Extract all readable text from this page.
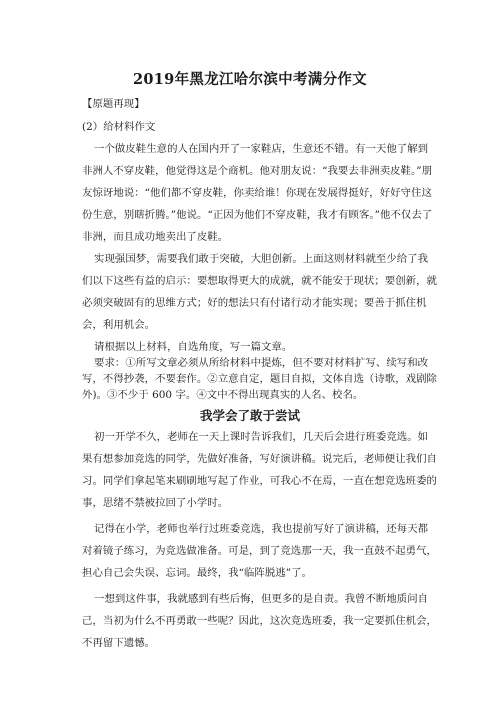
2019年黑龙江哈尔滨中考满分作文
【原题再现】
(2）给材料作文
一个做皮鞋生意的人在国内开了一家鞋店，生意还不错。有一天他了解到
非洲人不穿皮鞋，他觉得这是个商机。他对朋友说：“我要去非洲卖皮鞋。”朋
友惊讶地说：“他们都不穿皮鞋，你卖给谁！你现在发展得挺好，好好守住这
份生意，别瞎折腾。”他说。“正因为他们不穿皮鞋，我才有顾客。”他不仅去了
非洲，而且成功地卖出了皮鞋。
实现强国梦，需要我们敢于突破，大胆创新。上面这则材料就至少给了我
们以下这些有益的启示：要想取得更大的成就，就不能安于现状；要创新，就
必须突破固有的思维方式；好的想法只有付诸行动才能实现；要善于抓住机
会，利用机会。
请根据以上材料，自选角度，写一篇文章。
要求：①所写文章必须从所给材料中提炼，但不要对材料扩写、续写和改
写，不得抄袭，不要套作。②立意自定，题目自拟，文体自选（诗歌，戏剧除
外)。③不少于 600 字。④文中不得出现真实的人名、校名。
我学会了敢于尝试
初一开学不久，老师在一天上课时告诉我们，几天后会进行班委竞选。如
果有想参加竞选的同学，先做好准备，写好演讲稿。说完后，老师便让我们自
习。同学们拿起笔来刷刷地写起了作业，可我心不在焉，一直在想竞选班委的
事，思绪不禁被拉回了小学时。
记得在小学，老师也举行过班委竞选，我也提前写好了演讲稿，还每天都
对着镜子练习，为竞选做准备。可是，到了竞选那一天，我一直鼓不起勇气，
担心自己会失误、忘词。最终，我“临阵脱逃”了。
一想到这件事，我就感到有些后悔，但更多的是自责。我曾不断地质问自
己，当初为什么不再勇敢一些呢？因此，这次竞选班委，我一定要抓住机会，
不再留下遗憾。
